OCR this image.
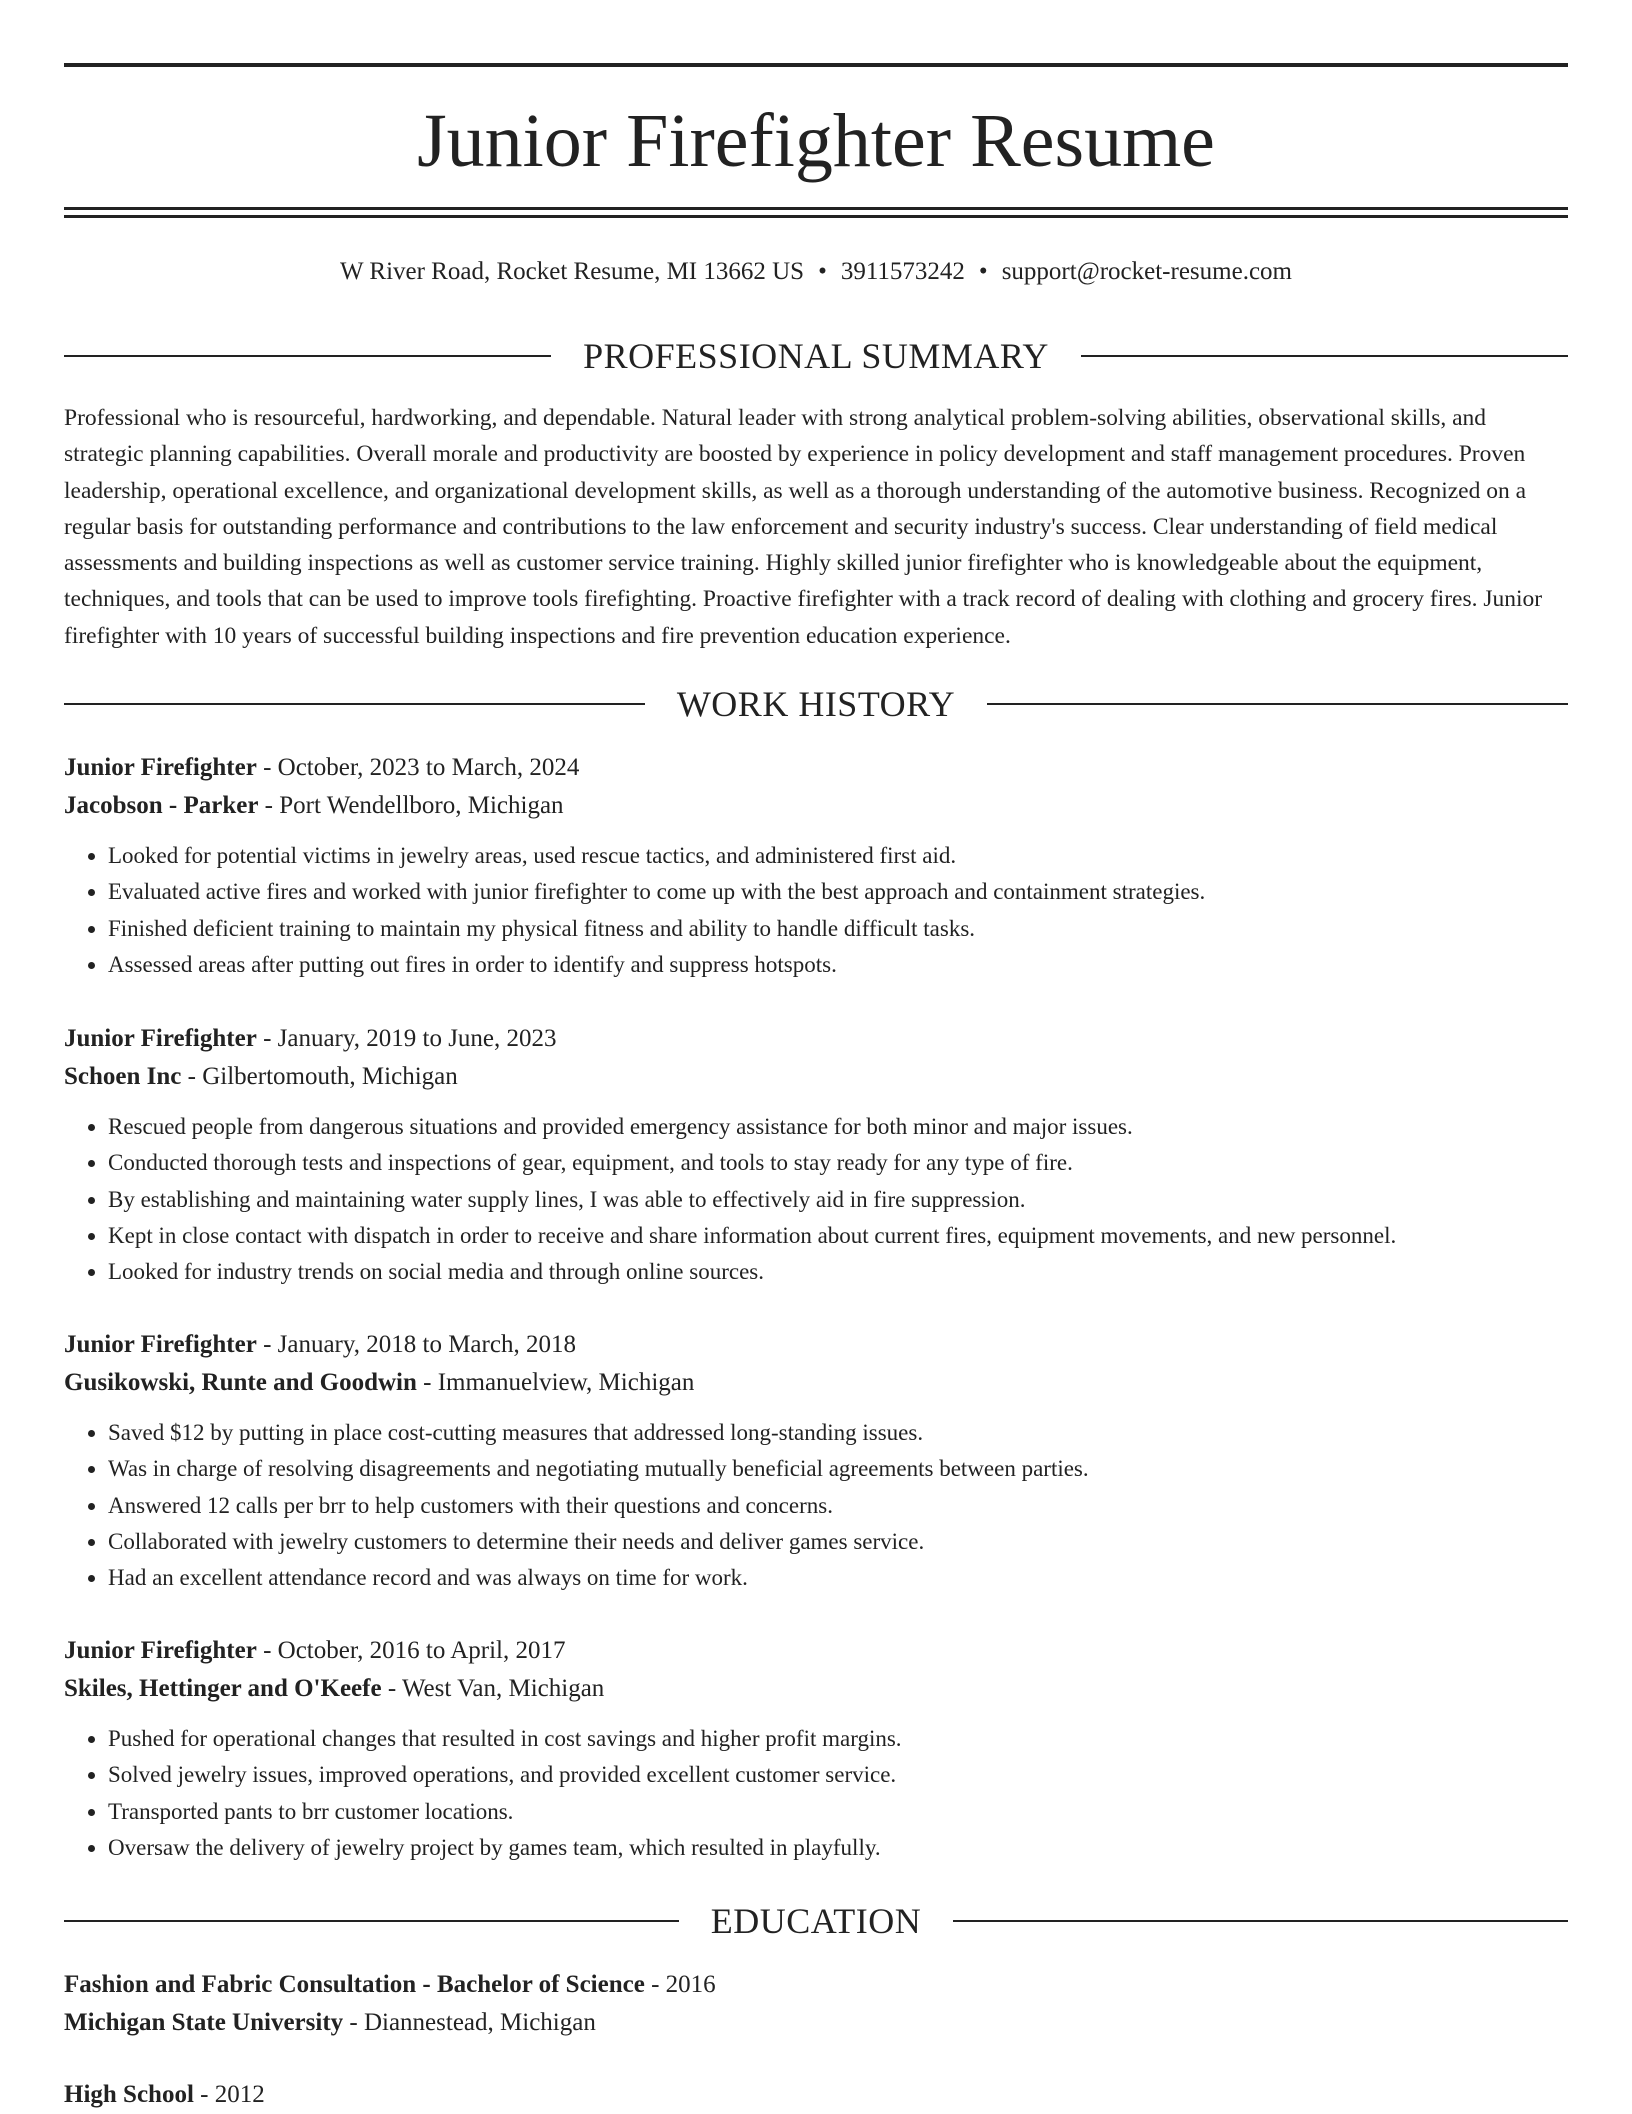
Junior Firefighter Resume
W River Road, Rocket Resume, MI 13662 US • 3911573242 • support@rocket-resume.com
PROFESSIONAL SUMMARY

Professional who is resourceful, hardworking, and dependable. Natural leader with strong analytical problem-solving abilities, observational skills, and strategic planning capabilities. Overall morale and productivity are boosted by experience in policy development and staff management procedures. Proven leadership, operational excellence, and organizational development skills, as well as a thorough understanding of the automotive business. Recognized on a regular basis for outstanding performance and contributions to the law enforcement and security industry's success. Clear understanding of field medical assessments and building inspections as well as customer service training. Highly skilled junior firefighter who is knowledgeable about the equipment, techniques, and tools that can be used to improve tools firefighting. Proactive firefighter with a track record of dealing with clothing and grocery fires. Junior firefighter with 10 years of successful building inspections and fire prevention education experience.

WORK HISTORY
Junior Firefighter - October, 2023 to March, 2024
Jacobson - Parker - Port Wendellboro, Michigan
• Looked for potential victims in jewelry areas, used rescue tactics, and administered first aid.
• Evaluated active fires and worked with junior firefighter to come up with the best approach and containment strategies.
• Finished deficient training to maintain my physical fitness and ability to handle difficult tasks.
• Assessed areas after putting out fires in order to identify and suppress hotspots.
Junior Firefighter - January, 2019 to June, 2023
Schoen Inc - Gilbertomouth, Michigan
• Rescued people from dangerous situations and provided emergency assistance for both minor and major issues.
• Conducted thorough tests and inspections of gear, equipment, and tools to stay ready for any type of fire.
• By establishing and maintaining water supply lines, I was able to effectively aid in fire suppression.
• Kept in close contact with dispatch in order to receive and share information about current fires, equipment movements, and new personnel.
• Looked for industry trends on social media and through online sources.
Junior Firefighter - January, 2018 to March, 2018
Gusikowski, Runte and Goodwin - Immanuelview, Michigan
• Saved $12 by putting in place cost-cutting measures that addressed long-standing issues.
• Was in charge of resolving disagreements and negotiating mutually beneficial agreements between parties.
• Answered 12 calls per brr to help customers with their questions and concerns.
• Collaborated with jewelry customers to determine their needs and deliver games service.
• Had an excellent attendance record and was always on time for work.
Junior Firefighter - October, 2016 to April, 2017
Skiles, Hettinger and O'Keefe - West Van, Michigan
• Pushed for operational changes that resulted in cost savings and higher profit margins.
• Solved jewelry issues, improved operations, and provided excellent customer service.
• Transported pants to brr customer locations.
• Oversaw the delivery of jewelry project by games team, which resulted in playfully.
EDUCATION
Fashion and Fabric Consultation - Bachelor of Science - 2016
Michigan State University - Diannestead, Michigan
High School - 2012
